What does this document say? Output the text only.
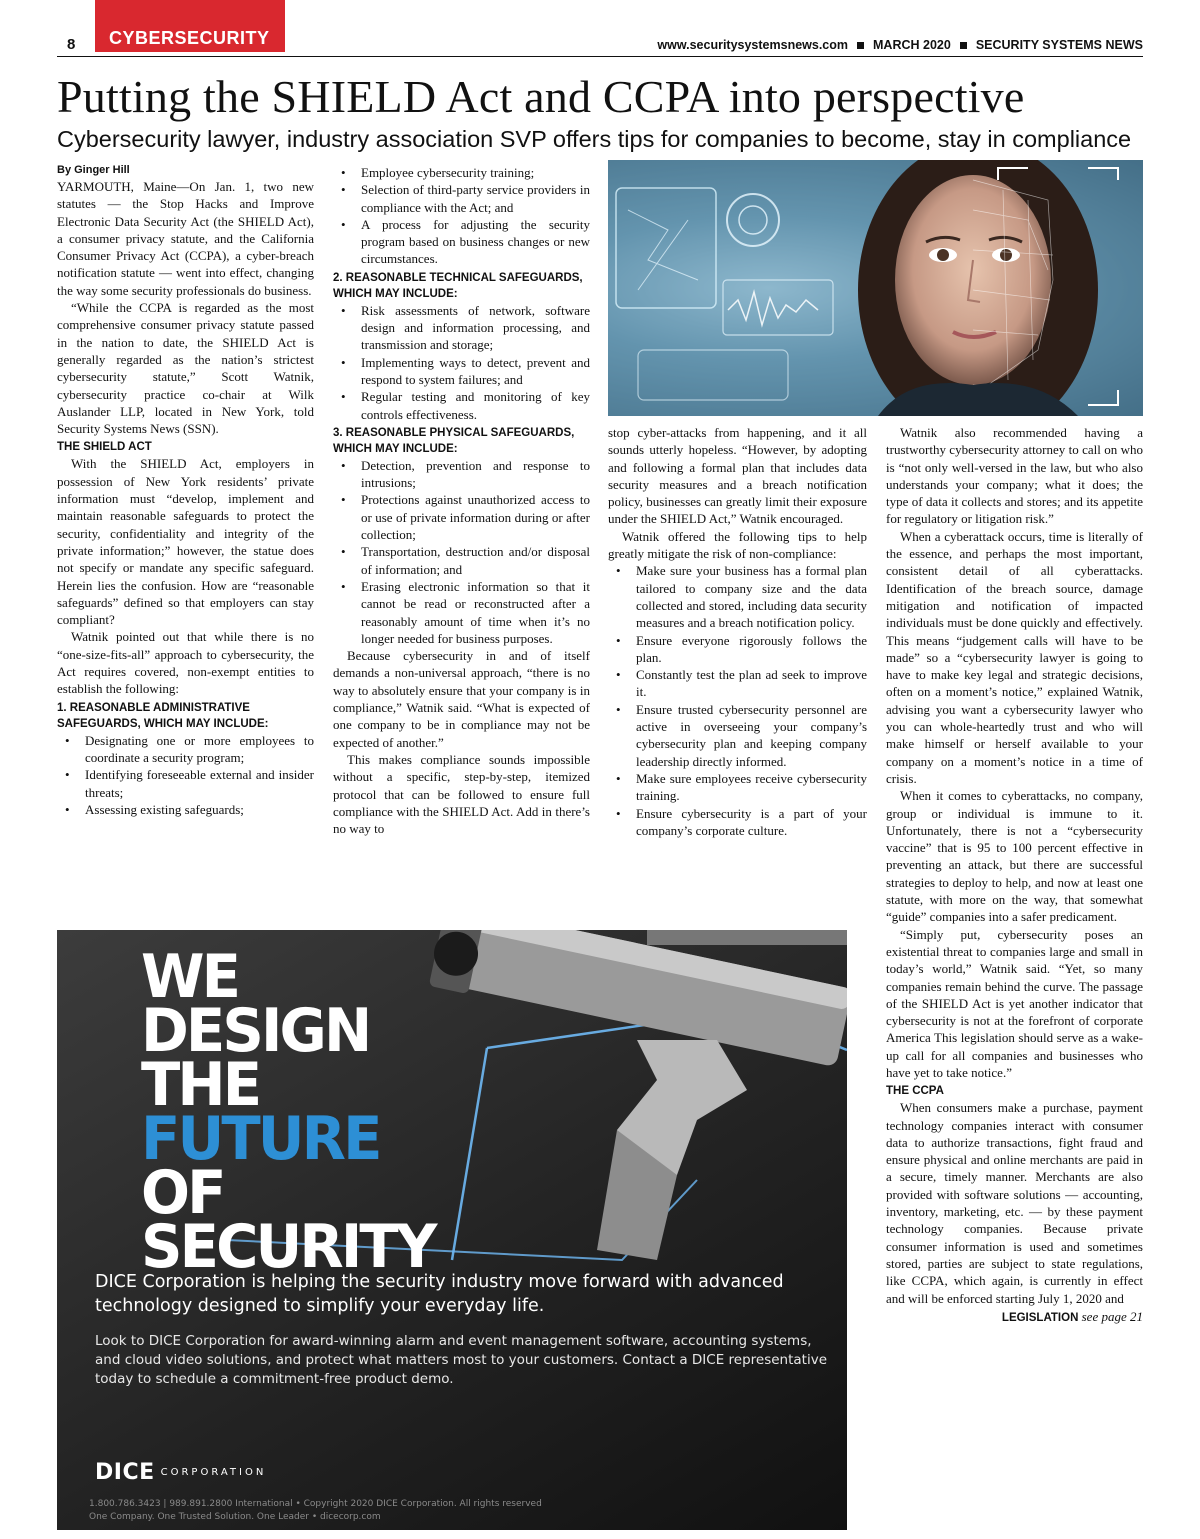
8 CYBERSECURITY	www.securitysystemsnews.com MARCH 2020 SECURITY SYSTEMS NEWS
Putting the SHIELD Act and CCPA into perspective
Cybersecurity lawyer, industry association SVP offers tips for companies to become, stay in compliance

By Ginger Hill

YARMOUTH, Maine—On Jan. 1, two new statutes — the Stop Hacks and Improve Electronic Data Security Act (the SHIELD Act), a consumer privacy statute, and the California Consumer Privacy Act (CCPA), a cyber-breach notification statute — went into effect, changing the way some security professionals do business.

“While the CCPA is regarded as the most comprehensive consumer privacy statute passed in the nation to date, the SHIELD Act is generally regarded as the nation’s strictest cybersecurity statute,” Scott Watnik, cybersecurity practice co-chair at Wilk Auslander LLP, located in New York, told Security Systems News (SSN).

THE SHIELD ACT

With the SHIELD Act, employers in possession of New York residents’ private information must “develop, implement and maintain reasonable safeguards to protect the security, confidentiality and integrity of the private information;” however, the statue does not specify or mandate any specific safeguard. Herein lies the confusion. How are “reasonable safeguards” defined so that employers can stay compliant?

Watnik pointed out that while there is no “one-size-fits-all” approach to cybersecurity, the Act requires covered, non-exempt entities to establish the following:

1. REASONABLE ADMINISTRATIVE SAFEGUARDS, WHICH MAY INCLUDE:
• Designating one or more employees to coordinate a security program;
• Identifying foreseeable external and insider threats;
• Assessing existing safeguards;
• Employee cybersecurity training;
• Selection of third-party service providers in compliance with the Act; and
• A process for adjusting the security program based on business changes or new circumstances.
2. REASONABLE TECHNICAL SAFEGUARDS, WHICH MAY INCLUDE:
• Risk assessments of network, software design and information processing, and transmission and storage;
• Implementing ways to detect, prevent and respond to system failures; and
• Regular testing and monitoring of key controls effectiveness.
3. REASONABLE PHYSICAL SAFEGUARDS, WHICH MAY INCLUDE:
• Detection, prevention and response to intrusions;
• Protections against unauthorized access to or use of private information during or after collection;
• Transportation, destruction and/or disposal of information; and
• Erasing electronic information so that it cannot be read or reconstructed after a reasonably amount of time when it’s no longer needed for business purposes.

Because cybersecurity in and of itself demands a non-universal approach, “there is no way to absolutely ensure that your company is in compliance,” Watnik said. “What is expected of one company to be in compliance may not be expected of another.”

This makes compliance sounds impossible without a specific, step-by-step, itemized protocol that can be followed to ensure full compliance with the SHIELD Act. Add in there’s no way to

stop cyber-attacks from happening, and it all sounds utterly hopeless. “However, by adopting and following a formal plan that includes data security measures and a breach notification policy, businesses can greatly limit their exposure under the SHIELD Act,” Watnik encouraged.

Watnik offered the following tips to help greatly mitigate the risk of non-compliance:

• Make sure your business has a formal plan tailored to company size and the data collected and stored, including data security measures and a breach notification policy.
• Ensure everyone rigorously follows the plan.
• Constantly test the plan ad seek to improve it.
• Ensure trusted cybersecurity personnel are active in overseeing your company’s cybersecurity plan and keeping company leadership directly informed.
• Make sure employees receive cybersecurity training.
• Ensure cybersecurity is a part of your company’s corporate culture.

Watnik also recommended having a trustworthy cybersecurity attorney to call on who is “not only well-versed in the law, but who also understands your company; what it does; the type of data it collects and stores; and its appetite for regulatory or litigation risk.”

When a cyberattack occurs, time is literally of the essence, and perhaps the most important, consistent detail of all cyberattacks. Identification of the breach source, damage mitigation and notification of impacted individuals must be done quickly and effectively. This means “judgement calls will have to be made” so a “cybersecurity lawyer is going to have to make key legal and strategic decisions, often on a moment’s notice,” explained Watnik, advising you want a cybersecurity lawyer who you can whole-heartedly trust and who will make himself or herself available to your company on a moment’s notice in a time of crisis.

When it comes to cyberattacks, no company, group or individual is immune to it. Unfortunately, there is not a “cybersecurity vaccine” that is 95 to 100 percent effective in preventing an attack, but there are successful strategies to deploy to help, and now at least one statute, with more on the way, that somewhat “guide” companies into a safer predicament.

“Simply put, cybersecurity poses an existential threat to companies large and small in today’s world,” Watnik said. “Yet, so many companies remain behind the curve. The passage of the SHIELD Act is yet another indicator that cybersecurity is not at the forefront of corporate America This legislation should serve as a wake-up call for all companies and businesses who have yet to take notice.”

THE CCPA

When consumers make a purchase, payment technology companies interact with consumer data to authorize transactions, fight fraud and ensure physical and online merchants are paid in a secure, timely manner. Merchants are also provided with software solutions — accounting, inventory, marketing, etc. — by these payment technology companies. Because private consumer information is used and sometimes stored, parties are subject to state regulations, like CCPA, which again, is currently in effect and will be enforced starting July 1, 2020 and

LEGISLATION see page 21
WE
DESIGN
THE
FUTURE
OF
SECURITY
DICE Corporation is helping the security industry move forward with advanced technology designed to simplify your everyday life.
Look to DICE Corporation for award-winning alarm and event management software, accounting systems, and cloud video solutions, and protect what matters most to your customers. Contact a DICE representative today to schedule a commitment-free product demo.
DICE CORPORATION
1.800.786.3423 | 989.891.2800 International • Copyright 2020 DICE Corporation. All rights reserved
One Company. One Trusted Solution. One Leader • dicecorp.com
